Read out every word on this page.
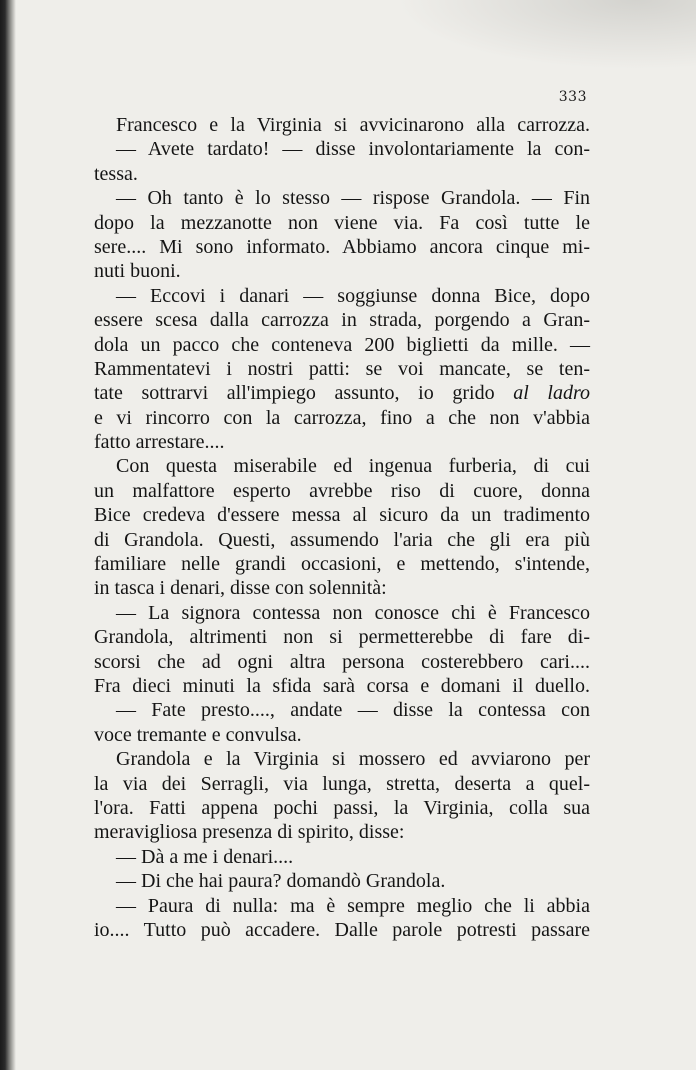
333
Francesco e la Virginia si avvicinarono alla carrozza.
— Avete tardato! — disse involontariamente la con-
tessa.
— Oh tanto è lo stesso — rispose Grandola. — Fin
dopo la mezzanotte non viene via. Fa così tutte le
sere.... Mi sono informato. Abbiamo ancora cinque mi-
nuti buoni.
— Eccovi i danari — soggiunse donna Bice, dopo
essere scesa dalla carrozza in strada, porgendo a Gran-
dola un pacco che conteneva 200 biglietti da mille. —
Rammentatevi i nostri patti: se voi mancate, se ten-
tate sottrarvi all'impiego assunto, io grido al ladro
e vi rincorro con la carrozza, fino a che non v'abbia
fatto arrestare....
Con questa miserabile ed ingenua furberia, di cui
un malfattore esperto avrebbe riso di cuore, donna
Bice credeva d'essere messa al sicuro da un tradimento
di Grandola. Questi, assumendo l'aria che gli era più
familiare nelle grandi occasioni, e mettendo, s'intende,
in tasca i denari, disse con solennità:
— La signora contessa non conosce chi è Francesco
Grandola, altrimenti non si permetterebbe di fare di-
scorsi che ad ogni altra persona costerebbero cari....
Fra dieci minuti la sfida sarà corsa e domani il duello.
— Fate presto...., andate — disse la contessa con
voce tremante e convulsa.
Grandola e la Virginia si mossero ed avviarono per
la via dei Serragli, via lunga, stretta, deserta a quel-
l'ora. Fatti appena pochi passi, la Virginia, colla sua
meravigliosa presenza di spirito, disse:
— Dà a me i denari....
— Di che hai paura? domandò Grandola.
— Paura di nulla: ma è sempre meglio che li abbia
io.... Tutto può accadere. Dalle parole potresti passare
